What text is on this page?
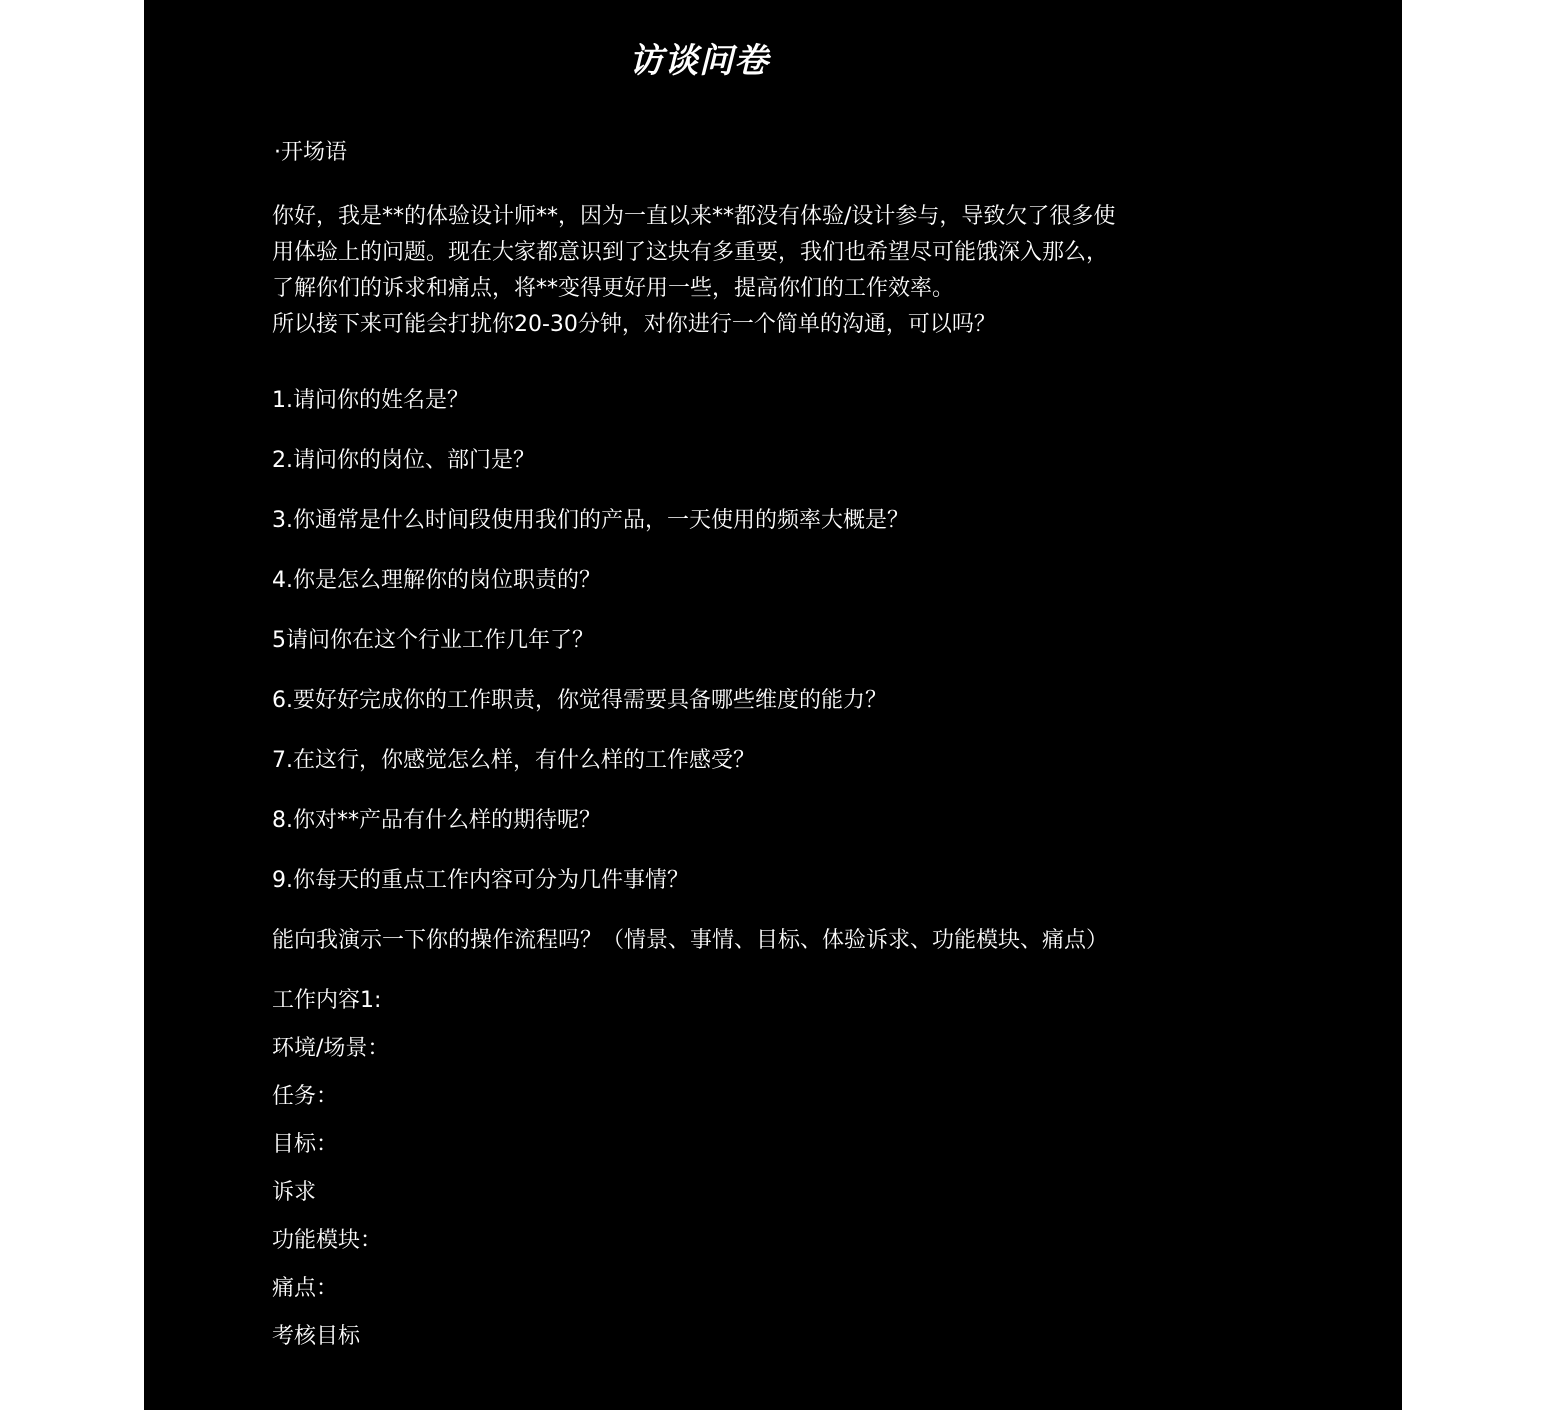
访谈问卷
·开场语
你好，我是**的体验设计师**，因为一直以来**都没有体验/设计参与，导致欠了很多使
用体验上的问题。现在大家都意识到了这块有多重要，我们也希望尽可能饿深入那么，
了解你们的诉求和痛点，将**变得更好用一些，提高你们的工作效率。
所以接下来可能会打扰你20-30分钟，对你进行一个简单的沟通，可以吗？
1.请问你的姓名是？
2.请问你的岗位、部门是？
3.你通常是什么时间段使用我们的产品，一天使用的频率大概是？
4.你是怎么理解你的岗位职责的？
5请问你在这个行业工作几年了？
6.要好好完成你的工作职责，你觉得需要具备哪些维度的能力？
7.在这行，你感觉怎么样，有什么样的工作感受？
8.你对**产品有什么样的期待呢？
9.你每天的重点工作内容可分为几件事情？
能向我演示一下你的操作流程吗？（情景、事情、目标、体验诉求、功能模块、痛点）
工作内容1:
环境/场景：
任务：
目标：
诉求
功能模块：
痛点：
考核目标
